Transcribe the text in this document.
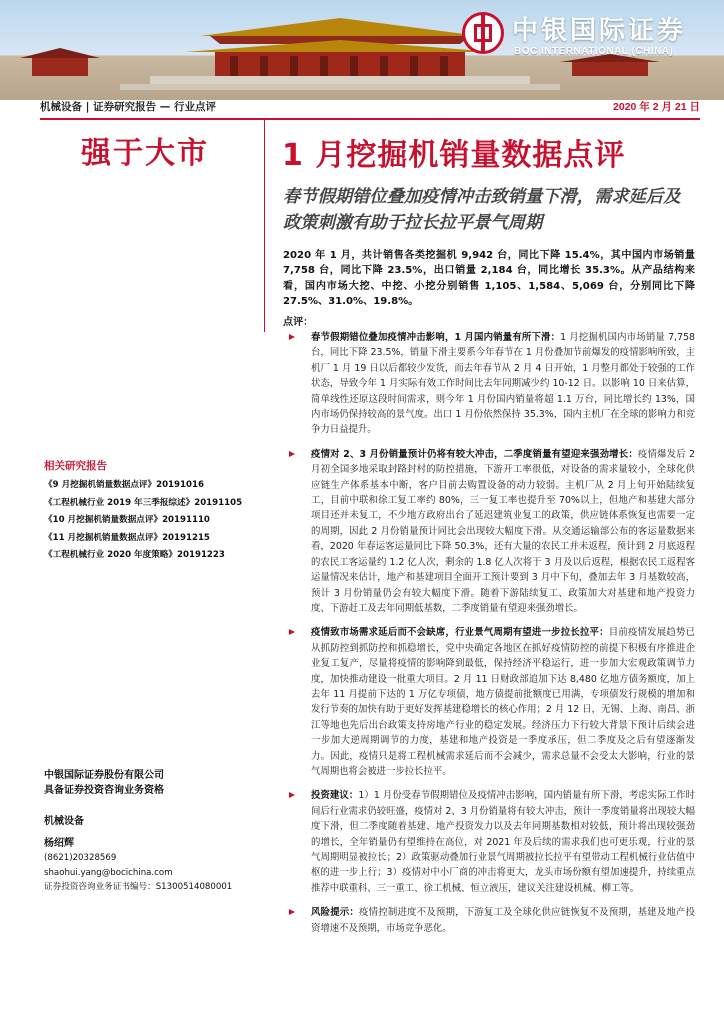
中银国际证券
BOC INTERNATIONAL (CHINA)
机械设备 | 证券研究报告 — 行业点评	2020 年 2 月 21 日
强于大市
相关研究报告
《9 月挖掘机销量数据点评》20191016
《工程机械行业 2019 年三季报综述》20191105
《10 月挖掘机销量数据点评》20191110
《11 月挖掘机销量数据点评》20191215
《工程机械行业 2020 年度策略》20191223
中银国际证券股份有限公司
具备证券投资咨询业务资格
机械设备
杨绍辉
(8621)20328569
shaohui.yang@bocichina.com
证券投资咨询业务证书编号：S1300514080001
1 月挖掘机销量数据点评
春节假期错位叠加疫情冲击致销量下滑，需求延后及政策刺激有助于拉长拉平景气周期
2020 年 1 月，共计销售各类挖掘机 9,942 台，同比下降 15.4%，其中国内市场销量 7,758 台，同比下降 23.5%，出口销量 2,184 台，同比增长 35.3%。从产品结构来看，国内市场大挖、中挖、小挖分别销售 1,105、1,584、5,069 台，分别同比下降 27.5%、31.0%、19.8%。
点评：
春节假期错位叠加疫情冲击影响，1 月国内销量有所下滑：1 月挖掘机国内市场销量 7,758 台，同比下降 23.5%，销量下滑主要系今年春节在 1 月份叠加节前爆发的疫情影响所致，主机厂 1 月 19 日以后都较少发货，而去年春节从 2 月 4 日开始，1 月整月都处于较强的工作状态，导致今年 1 月实际有效工作时间比去年同期减少约 10-12 日。以影响 10 日来估算，简单线性还原这段时间需求，则今年 1 月份国内销量将超 1.1 万台，同比增长约 13%，国内市场仍保持较高的景气度。出口 1 月份依然保持 35.3%，国内主机厂在全球的影响力和竞争力日益提升。
疫情对 2、3 月份销量预计仍将有较大冲击，二季度销量有望迎来强劲增长：疫情爆发后 2 月初全国多地采取封路封村的防控措施，下游开工率很低，对设备的需求量较小，全球化供应链生产体系基本中断，客户目前去购置设备的动力较弱。主机厂从 2 月上旬开始陆续复工，目前中联和徐工复工率约 80%，三一复工率也提升至 70%以上，但地产和基建大部分项目还并未复工，不少地方政府出台了延迟建筑业复工的政策，供应链体系恢复也需要一定的周期，因此 2 月份销量预计同比会出现较大幅度下滑。从交通运输部公布的客运量数据来看，2020 年春运客运量同比下降 50.3%，还有大量的农民工并未返程，预计到 2 月底返程的农民工客运量约 1.2 亿人次，剩余的 1.8 亿人次将于 3 月及以后返程，根据农民工返程客运量情况来估计，地产和基建项目全面开工预计要到 3 月中下旬，叠加去年 3 月基数较高，预计 3 月份销量仍会有较大幅度下滑。随着下游陆续复工、政策加大对基建和地产投资力度、下游赶工及去年同期低基数，二季度销量有望迎来强劲增长。
疫情致市场需求延后而不会缺席，行业景气周期有望进一步拉长拉平：目前疫情发展趋势已从抓防控到抓防控和抓稳增长，党中央确定各地区在抓好疫情防控的前提下积极有序推进企业复工复产，尽量将疫情的影响降到最低，保持经济平稳运行，进一步加大宏观政策调节力度，加快推动建设一批重大项目。2 月 11 日财政部追加下达 8,480 亿地方债务额度，加上去年 11 月提前下达的 1 万亿专项债，地方债提前批额度已用满，专项债发行规模的增加和发行节奏的加快有助于更好发挥基建稳增长的核心作用；2 月 12 日，无锡、上海、南昌、浙江等地也先后出台政策支持房地产行业的稳定发展。经济压力下行较大背景下预计后续会进一步加大逆周期调节的力度，基建和地产投资是一季度承压，但二季度及之后有望逐渐发力。因此，疫情只是将工程机械需求延后而不会减少，需求总量不会受太大影响，行业的景气周期也将会被进一步拉长拉平。
投资建议：1）1 月份受春节假期错位及疫情冲击影响，国内销量有所下滑，考虑实际工作时间后行业需求仍较旺盛，疫情对 2、3 月份销量将有较大冲击，预计一季度销量将出现较大幅度下滑，但二季度随着基建、地产投资发力以及去年同期基数相对较低，预计将出现较强劲的增长，全年销量仍有望维持在高位，对 2021 年及后续的需求我们也可更乐观，行业的景气周期明显被拉长；2）政策驱动叠加行业景气周期被拉长拉平有望带动工程机械行业估值中枢的进一步上行；3）疫情对中小厂商的冲击将更大，龙头市场份额有望加速提升，持续重点推荐中联重科、三一重工、徐工机械、恒立液压，建议关注建设机械、柳工等。
风险提示：疫情控制进度不及预期，下游复工及全球化供应链恢复不及预期，基建及地产投资增速不及预期，市场竞争恶化。
